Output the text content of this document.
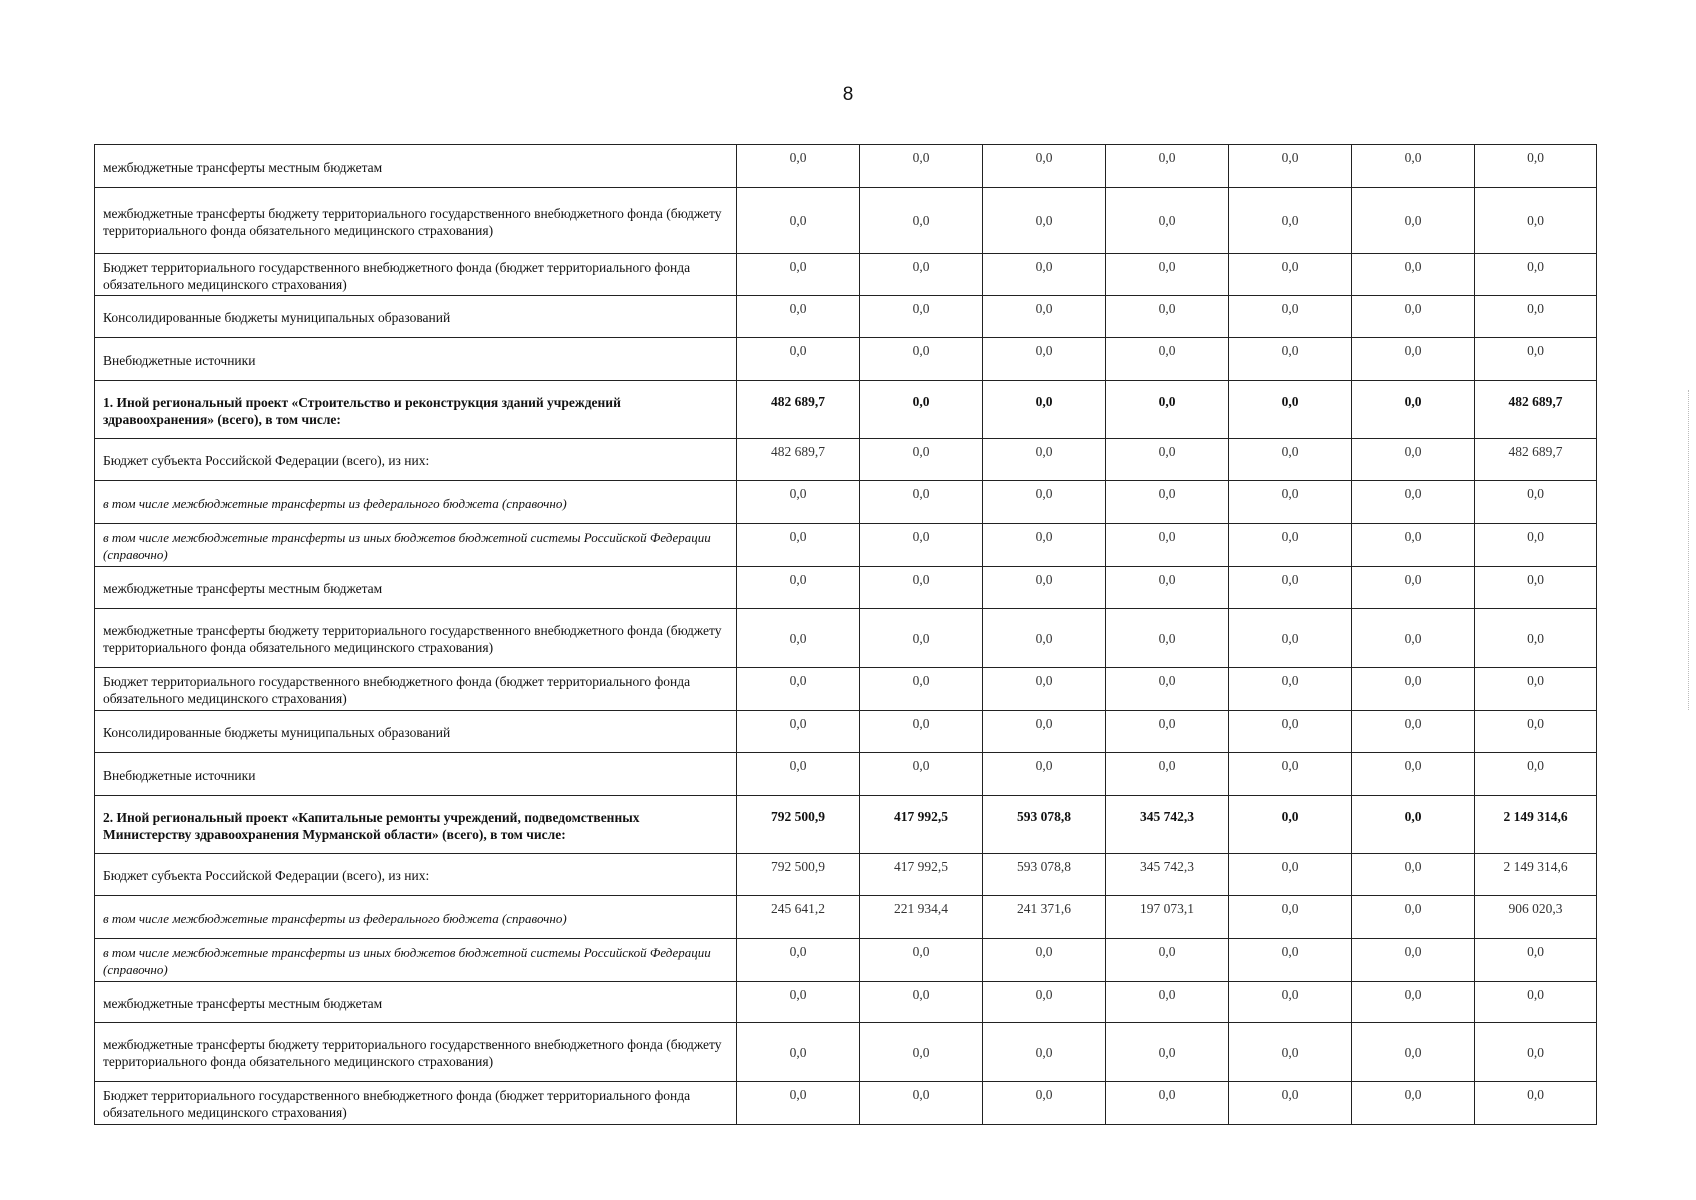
8
межбюджетные трансферты местным бюджетам	0,0	0,0	0,0	0,0	0,0	0,0	0,0
межбюджетные трансферты бюджету территориального государственного внебюджетного фонда (бюджету территориального фонда обязательного медицинского страхования)	0,0	0,0	0,0	0,0	0,0	0,0	0,0
Бюджет территориального государственного внебюджетного фонда (бюджет территориального фонда обязательного медицинского страхования)	0,0	0,0	0,0	0,0	0,0	0,0	0,0
Консолидированные бюджеты муниципальных образований	0,0	0,0	0,0	0,0	0,0	0,0	0,0
Внебюджетные источники	0,0	0,0	0,0	0,0	0,0	0,0	0,0
1. Иной региональный проект «Строительство и реконструкция зданий учреждений здравоохранения» (всего), в том числе:	482 689,7	0,0	0,0	0,0	0,0	0,0	482 689,7
Бюджет субъекта Российской Федерации (всего), из них:	482 689,7	0,0	0,0	0,0	0,0	0,0	482 689,7
в том числе межбюджетные трансферты из федерального бюджета (справочно)	0,0	0,0	0,0	0,0	0,0	0,0	0,0
в том числе межбюджетные трансферты из иных бюджетов бюджетной системы Российской Федерации (справочно)	0,0	0,0	0,0	0,0	0,0	0,0	0,0
межбюджетные трансферты местным бюджетам	0,0	0,0	0,0	0,0	0,0	0,0	0,0
межбюджетные трансферты бюджету территориального государственного внебюджетного фонда (бюджету территориального фонда обязательного медицинского страхования)	0,0	0,0	0,0	0,0	0,0	0,0	0,0
Бюджет территориального государственного внебюджетного фонда (бюджет территориального фонда обязательного медицинского страхования)	0,0	0,0	0,0	0,0	0,0	0,0	0,0
Консолидированные бюджеты муниципальных образований	0,0	0,0	0,0	0,0	0,0	0,0	0,0
Внебюджетные источники	0,0	0,0	0,0	0,0	0,0	0,0	0,0
2. Иной региональный проект «Капитальные ремонты учреждений, подведомственных Министерству здравоохранения Мурманской области» (всего), в том числе:	792 500,9	417 992,5	593 078,8	345 742,3	0,0	0,0	2 149 314,6
Бюджет субъекта Российской Федерации (всего), из них:	792 500,9	417 992,5	593 078,8	345 742,3	0,0	0,0	2 149 314,6
в том числе межбюджетные трансферты из федерального бюджета (справочно)	245 641,2	221 934,4	241 371,6	197 073,1	0,0	0,0	906 020,3
в том числе межбюджетные трансферты из иных бюджетов бюджетной системы Российской Федерации (справочно)	0,0	0,0	0,0	0,0	0,0	0,0	0,0
межбюджетные трансферты местным бюджетам	0,0	0,0	0,0	0,0	0,0	0,0	0,0
межбюджетные трансферты бюджету территориального государственного внебюджетного фонда (бюджету территориального фонда обязательного медицинского страхования)	0,0	0,0	0,0	0,0	0,0	0,0	0,0
Бюджет территориального государственного внебюджетного фонда (бюджет территориального фонда обязательного медицинского страхования)	0,0	0,0	0,0	0,0	0,0	0,0	0,0
